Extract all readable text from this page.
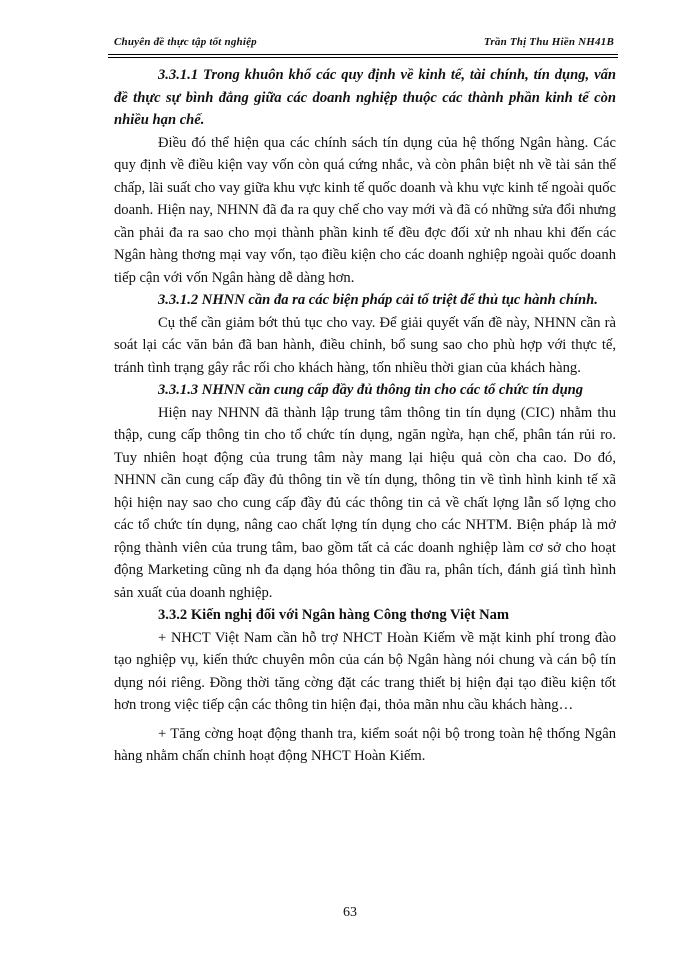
Chuyên đề thực tập tốt nghiệp	Trần Thị Thu Hiền NH41B

3.3.1.1 Trong khuôn khổ các quy định về kinh tế, tài chính, tín dụng, vấn đề thực sự bình đẳng giữa các doanh nghiệp thuộc các thành phần kinh tế còn nhiều hạn chế.

Điều đó thể hiện qua các chính sách tín dụng của hệ thống Ngân hàng. Các quy định về điều kiện vay vốn còn quá cứng nhắc, và còn phân biệt nh về tài sản thế chấp, lãi suất cho vay giữa khu vực kinh tế quốc doanh và khu vực kinh tế ngoài quốc doanh. Hiện nay, NHNN đã đa ra quy chế cho vay mới và đã có những sửa đổi nhưng cần phải đa ra sao cho mọi thành phần kinh tế đều đợc đối xử nh nhau khi đến các Ngân hàng thơng mại vay vốn, tạo điều kiện cho các doanh nghiệp ngoài quốc doanh tiếp cận với vốn Ngân hàng dễ dàng hơn.

3.3.1.2 NHNN cần đa ra các biện pháp cải tổ triệt để thủ tục hành chính.

Cụ thể cần giảm bớt thủ tục cho vay. Để giải quyết vấn đề này, NHNN cần rà soát lại các văn bản đã ban hành, điều chỉnh, bổ sung sao cho phù hợp với thực tế, tránh tình trạng gây rắc rối cho khách hàng, tốn nhiều thời gian của khách hàng.

3.3.1.3 NHNN cần cung cấp đầy đủ thông tin cho các tổ chức tín dụng

Hiện nay NHNN đã thành lập trung tâm thông tin tín dụng (CIC) nhằm thu thập, cung cấp thông tin cho tổ chức tín dụng, ngăn ngừa, hạn chế, phân tán rủi ro. Tuy nhiên hoạt động của trung tâm này mang lại hiệu quả còn cha cao. Do đó, NHNN cần cung cấp đầy đủ thông tin về tín dụng, thông tin về tình hình kinh tế xã hội hiện nay sao cho cung cấp đầy đủ các thông tin cả về chất lợng lẫn số lợng cho các tổ chức tín dụng, nâng cao chất lợng tín dụng cho các NHTM. Biện pháp là mở rộng thành viên của trung tâm, bao gồm tất cả các doanh nghiệp làm cơ sở cho hoạt động Marketing cũng nh đa dạng hóa thông tin đầu ra, phân tích, đánh giá tình hình sản xuất của doanh nghiệp.

3.3.2 Kiến nghị đối với Ngân hàng Công thơng Việt Nam

+ NHCT Việt Nam cần hỗ trợ NHCT Hoàn Kiếm về mặt kinh phí trong đào tạo nghiệp vụ, kiến thức chuyên môn của cán bộ Ngân hàng nói chung và cán bộ tín dụng nói riêng. Đồng thời tăng cờng đặt các trang thiết bị hiện đại tạo điều kiện tốt hơn trong việc tiếp cận các thông tin hiện đại, thỏa mãn nhu cầu khách hàng…

+ Tăng cờng hoạt động thanh tra, kiểm soát nội bộ trong toàn hệ thống Ngân hàng nhằm chấn chỉnh hoạt động NHCT Hoàn Kiếm.

63
